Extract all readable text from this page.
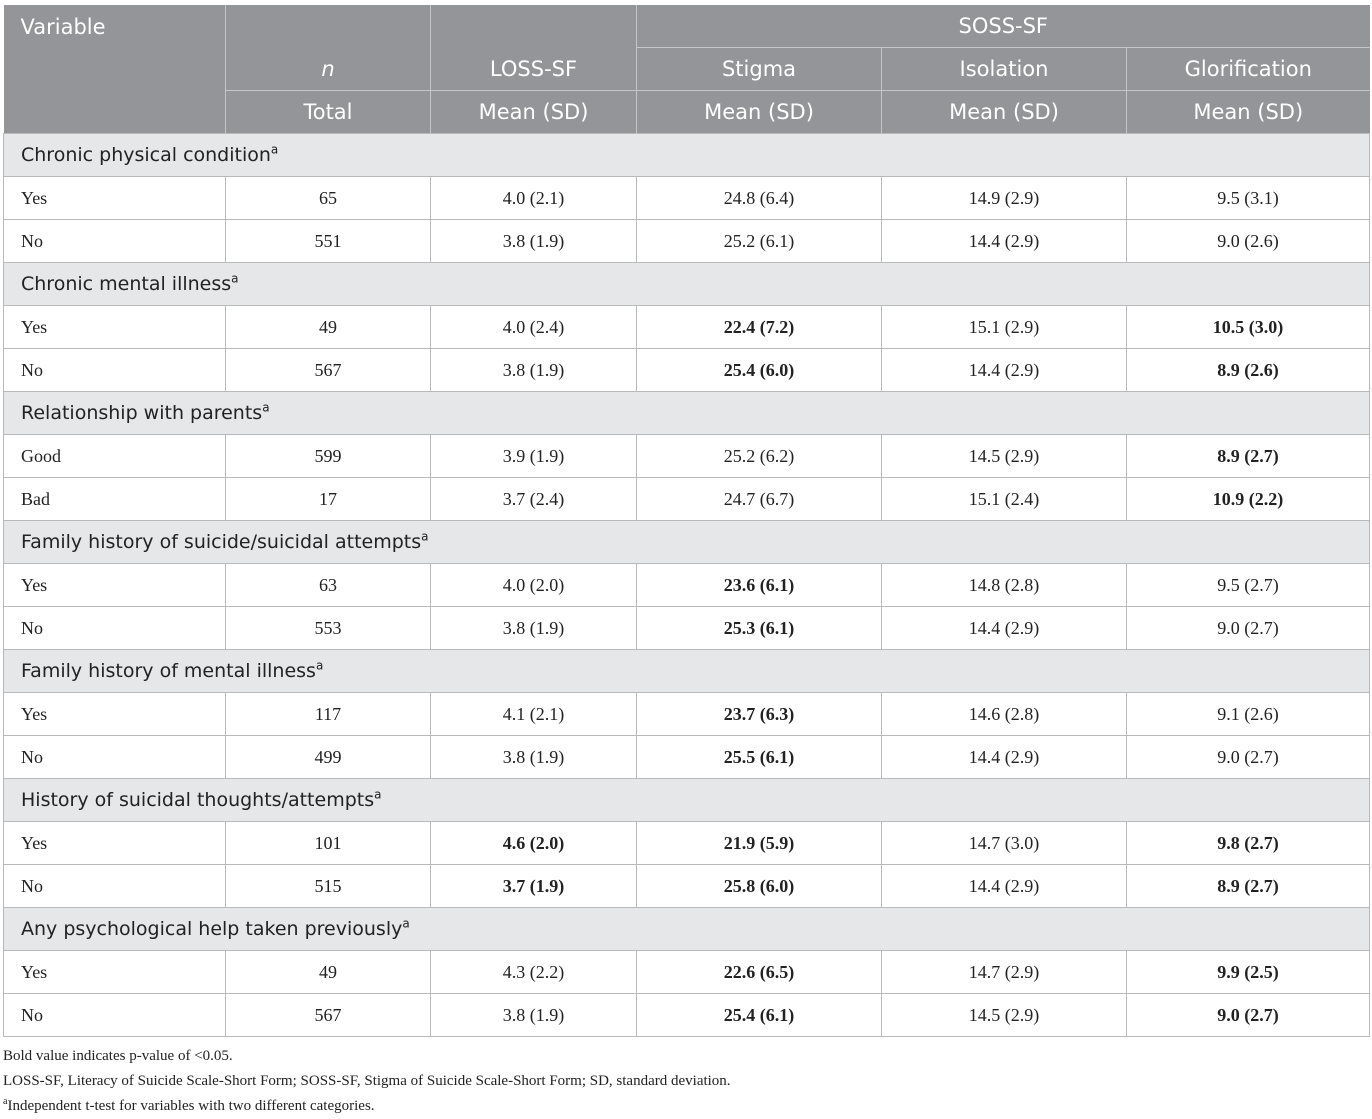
Variable			SOSS-SF		
	n	LOSS-SF	Stigma	Isolation	Glorification
	Total	Mean (SD)	Mean (SD)	Mean (SD)	Mean (SD)
Chronic physical condition$^a$
Yes	65	4.0 (2.1)	24.8 (6.4)	14.9 (2.9)	9.5 (3.1)
No	551	3.8 (1.9)	25.2 (6.1)	14.4 (2.9)	9.0 (2.6)
Chronic mental illness$^a$
Yes	49	4.0 (2.4)	22.4 (7.2)	15.1 (2.9)	10.5 (3.0)
No	567	3.8 (1.9)	25.4 (6.0)	14.4 (2.9)	8.9 (2.6)
Relationship with parents$^a$
Good	599	3.9 (1.9)	25.2 (6.2)	14.5 (2.9)	8.9 (2.7)
Bad	17	3.7 (2.4)	24.7 (6.7)	15.1 (2.4)	10.9 (2.2)
Family history of suicide/suicidal attempts$^a$
Yes	63	4.0 (2.0)	23.6 (6.1)	14.8 (2.8)	9.5 (2.7)
No	553	3.8 (1.9)	25.3 (6.1)	14.4 (2.9)	9.0 (2.7)
Family history of mental illness$^a$
Yes	117	4.1 (2.1)	23.7 (6.3)	14.6 (2.8)	9.1 (2.6)
No	499	3.8 (1.9)	25.5 (6.1)	14.4 (2.9)	9.0 (2.7)
History of suicidal thoughts/attempts$^a$
Yes	101	4.6 (2.0)	21.9 (5.9)	14.7 (3.0)	9.8 (2.7)
No	515	3.7 (1.9)	25.8 (6.0)	14.4 (2.9)	8.9 (2.7)
Any psychological help taken previously$^a$
Yes	49	4.3 (2.2)	22.6 (6.5)	14.7 (2.9)	9.9 (2.5)
No	567	3.8 (1.9)	25.4 (6.1)	14.5 (2.9)	9.0 (2.7)
Bold value indicates p-value of <0.05.
LOSS-SF, Literacy of Suicide Scale-Short Form; SOSS-SF, Stigma of Suicide Scale-Short Form; SD, standard deviation.
$^a$Independent t-test for variables with two different categories.
